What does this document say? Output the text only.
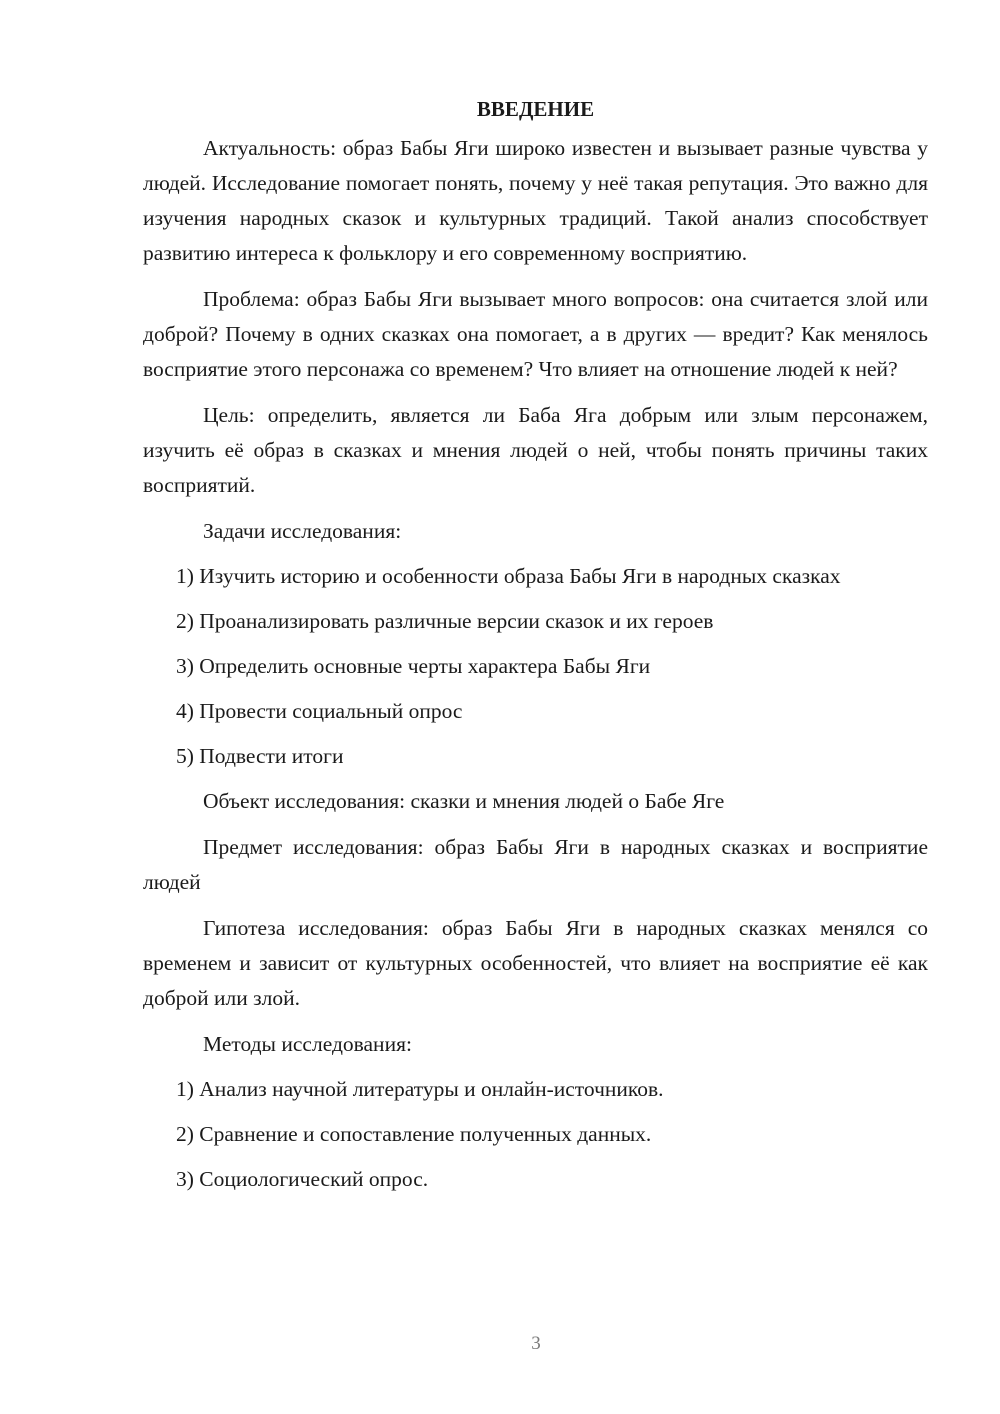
ВВЕДЕНИЕ

Актуальность: образ Бабы Яги широко известен и вызывает разные чувства у людей. Исследование помогает понять, почему у неё такая репутация. Это важно для изучения народных сказок и культурных традиций. Такой анализ способствует развитию интереса к фольклору и его современному восприятию.

Проблема: образ Бабы Яги вызывает много вопросов: она считается злой или доброй? Почему в одних сказках она помогает, а в других — вредит? Как менялось восприятие этого персонажа со временем? Что влияет на отношение людей к ней?

Цель: определить, является ли Баба Яга добрым или злым персонажем, изучить её образ в сказках и мнения людей о ней, чтобы понять причины таких восприятий.

Задачи исследования:

1) Изучить историю и особенности образа Бабы Яги в народных сказках

2) Проанализировать различные версии сказок и их героев

3) Определить основные черты характера Бабы Яги

4) Провести социальный опрос

5) Подвести итоги

Объект исследования: сказки и мнения людей о Бабе Яге

Предмет исследования: образ Бабы Яги в народных сказках и восприятие людей

Гипотеза исследования: образ Бабы Яги в народных сказках менялся со временем и зависит от культурных особенностей, что влияет на восприятие её как доброй или злой.

Методы исследования:

1) Анализ научной литературы и онлайн-источников.

2) Сравнение и сопоставление полученных данных.

3) Социологический опрос.

3
